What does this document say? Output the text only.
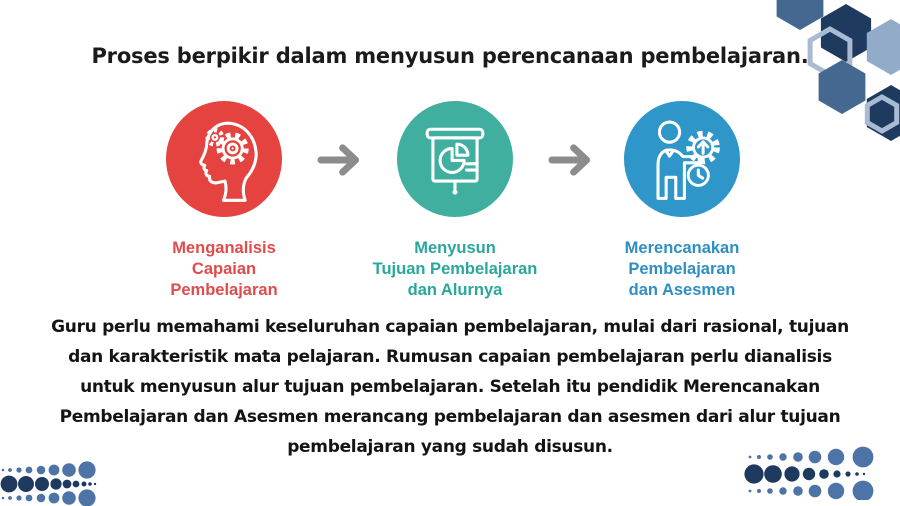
Proses berpikir dalam menyusun perencanaan pembelajaran.
Menganalisis
Capaian
Pembelajaran
Menyusun
Tujuan Pembelajaran
dan Alurnya
Merencanakan
Pembelajaran
dan Asesmen

Guru perlu memahami keseluruhan capaian pembelajaran, mulai dari rasional, tujuan dan karakteristik mata pelajaran. Rumusan capaian pembelajaran perlu dianalisis untuk menyusun alur tujuan pembelajaran. Setelah itu pendidik Merencanakan Pembelajaran dan Asesmen merancang pembelajaran dan asesmen dari alur tujuan pembelajaran yang sudah disusun.
